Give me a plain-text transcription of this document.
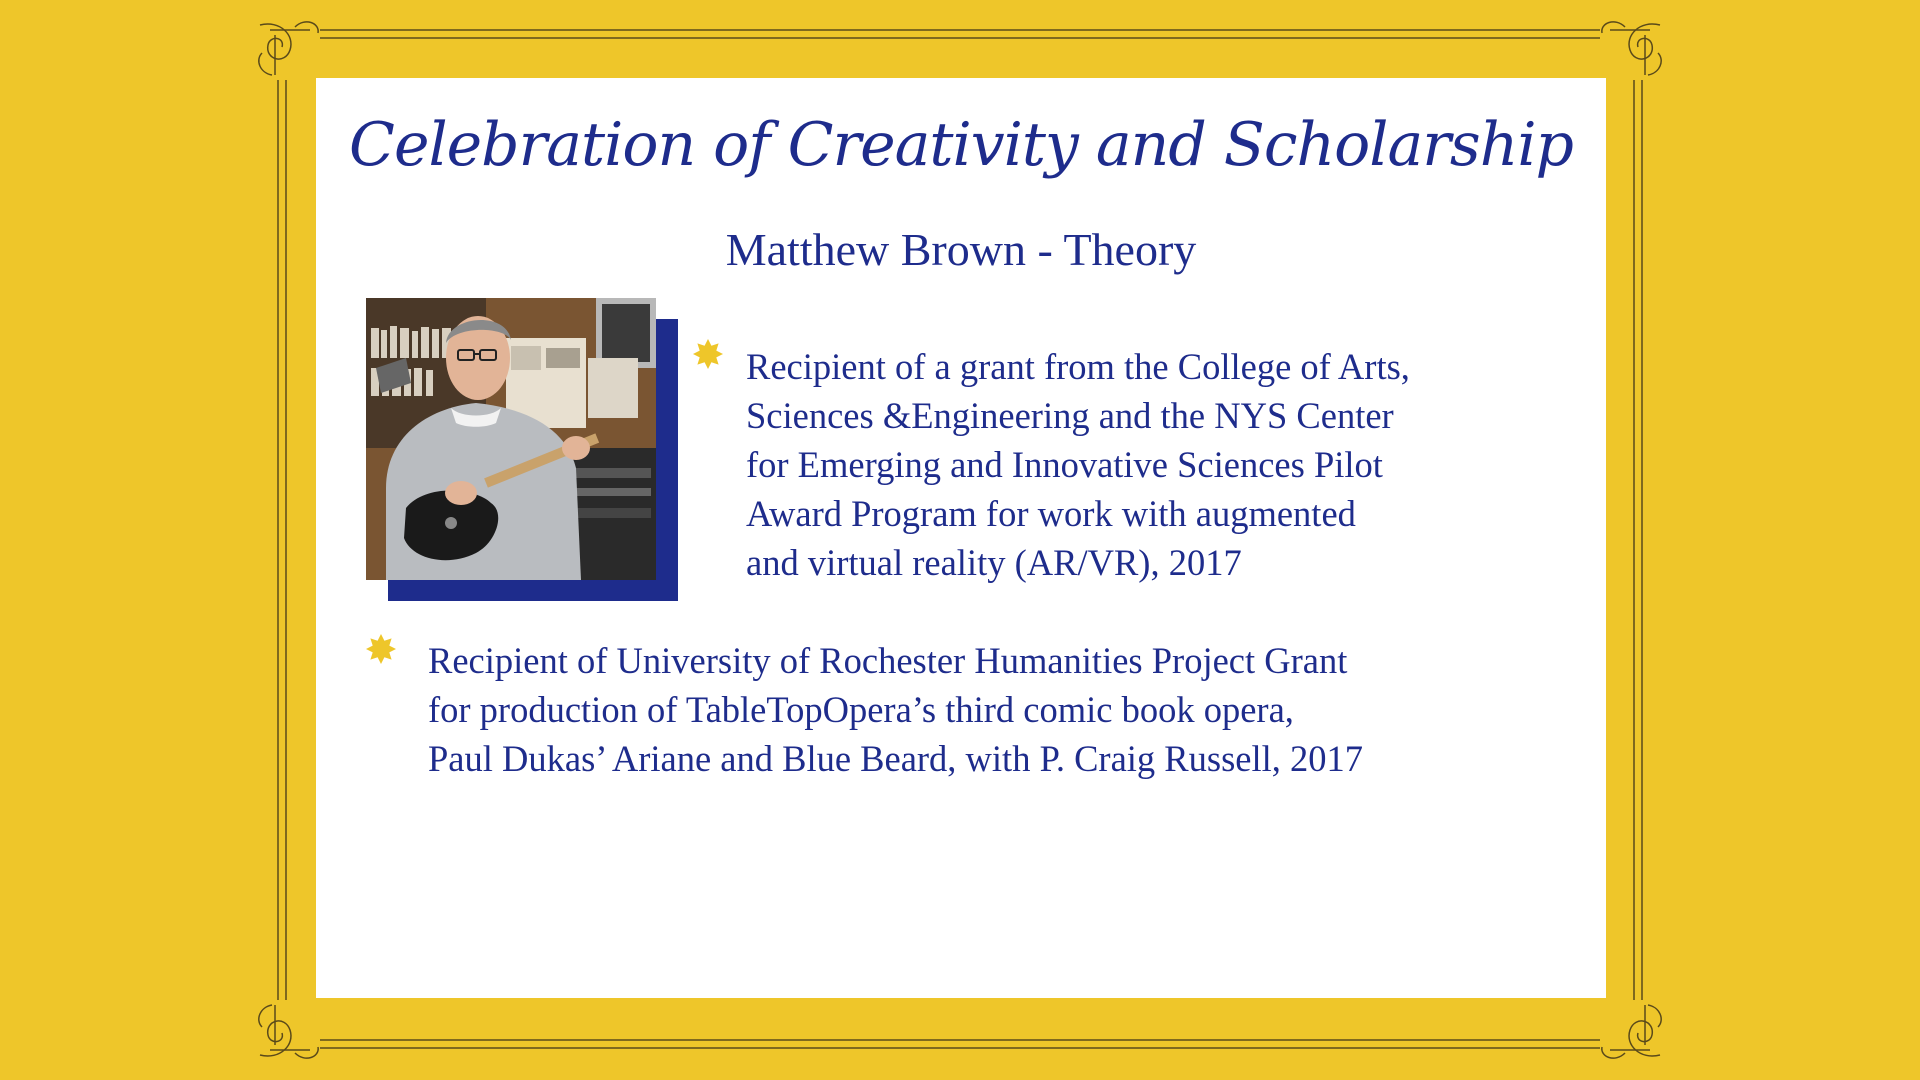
Celebration of Creativity and Scholarship
Matthew Brown - Theory

Recipient of a grant from the College of Arts,

Sciences &Engineering and the NYS Center

for Emerging and Innovative Sciences Pilot

Award Program for work with augmented

and virtual reality (AR/VR), 2017

Recipient of University of Rochester Humanities Project Grant

for production of TableTopOpera’s third comic book opera,

Paul Dukas’ Ariane and Blue Beard, with P. Craig Russell, 2017
